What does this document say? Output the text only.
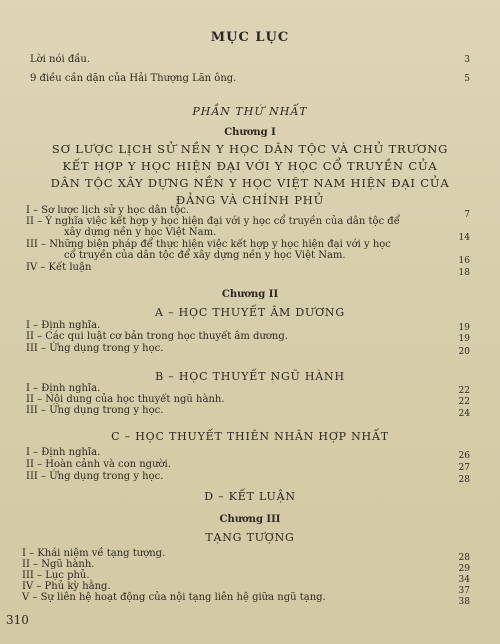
MỤC LỤC
Lời nói đầu.	3
9 điều cần dặn của Hải Thượng Lãn ông.	5
PHẦN THỨ NHẤT
Chương I
SƠ LƯỢC LỊCH SỬ NỀN Y HỌC DÂN TỘC VÀ CHỦ TRƯƠNG
KẾT HỢP Y HỌC HIỆN ĐẠI VỚI Y HỌC CỔ TRUYỀN CỦA
DÂN TỘC XÂY DỰNG NỀN Y HỌC VIỆT NAM HIỆN ĐẠI CỦA
ĐẢNG VÀ CHÍNH PHỦ
I – Sơ lược lịch sử y học dân tộc.	7
II – Ý nghĩa việc kết hợp y học hiện đại với y học cổ truyền của dân tộc để
xây dựng nền y học Việt Nam.	14
III – Những biện pháp để thực hiện việc kết hợp y học hiện đại với y học
cổ truyền của dân tộc để xây dựng nền y học Việt Nam.	16
IV – Kết luận	18
Chương II
A – HỌC THUYẾT ÂM DƯƠNG
I – Định nghĩa.	19
II – Các qui luật cơ bản trong học thuyết âm dương.	19
III – Ứng dụng trong y học.	20
B – HỌC THUYẾT NGŨ HÀNH
I – Định nghĩa.	22
II – Nội dung của học thuyết ngũ hành.	22
III – Ứng dụng trong y học.	24
C – HỌC THUYẾT THIÊN NHÂN HỢP NHẤT
I – Định nghĩa.	26
II – Hoàn cảnh và con người.	27
III – Ứng dụng trong y học.	28
D – KẾT LUẬN
Chương III
TẠNG TƯỢNG
I – Khái niệm về tạng tượng.	28
II – Ngũ hành.	29
III – Lục phủ.	34
IV – Phủ kỳ hằng.	37
V – Sự liên hệ hoạt động của nội tạng liên hệ giữa ngũ tạng.	38
310
